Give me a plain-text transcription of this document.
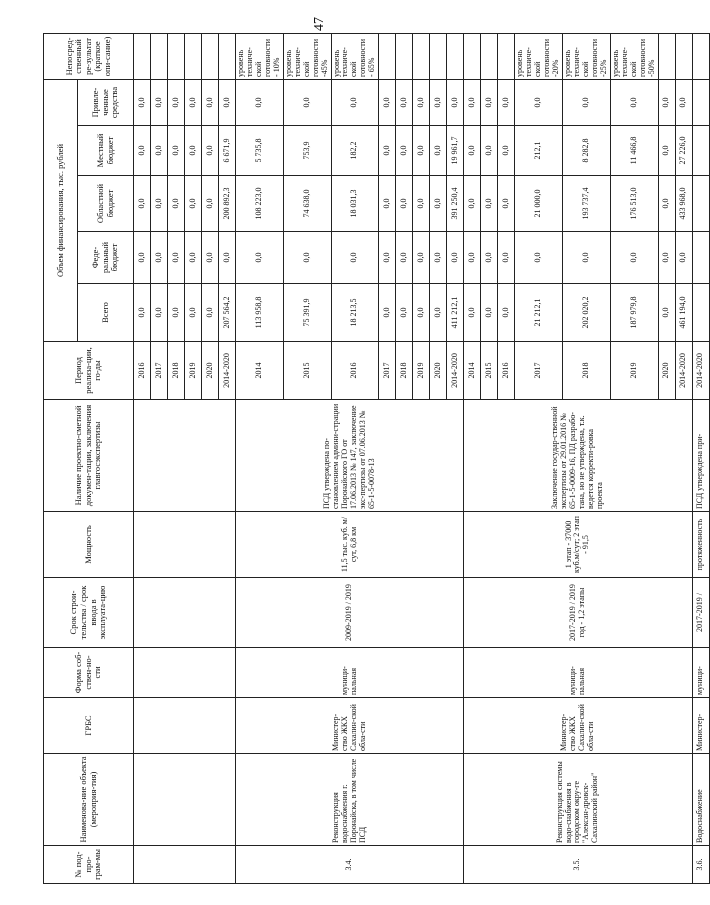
47
№ под-про-грам-мы	Наименова-ние объекта (мероприя-тия)	ГРБС	Форма соб-ствен-но-сти	Срок строи-тельства / срок ввода в эксплуата-цию	Мощность	Наличие проектно-сметной докумен-тации, заключения главгосэкспертизы	Период реализа-ции, го-ды	Объем финансирования, тыс. рублей					Непосред-ственный ре-зультат (краткое опи-сание)
								Всего	Феде-ральный бюджет	Областной бюджет	Местный бюджет	Привле-ченные средства	
							2016	0,0	0,0	0,0	0,0	0,0	
							2017	0,0	0,0	0,0	0,0	0,0	
							2018	0,0	0,0	0,0	0,0	0,0	
							2019	0,0	0,0	0,0	0,0	0,0	
							2020	0,0	0,0	0,0	0,0	0,0	
							2014-2020	207 564,2	0,0	200 892,3	6 671,9	0,0	
3.4.	Реконструкция водоснабжения г. Поронайска, в том числе ПСД	Министер-ство ЖКХ Сахалин-ской обла-сти	муници-пальная	2009-2019 / 2019	11,5 тыс. куб. м/сут, 6,8 км	ПСД утверждена по-становлением админи-страции Поронайского ГО от 17.06.2013 № 147, заключение экс-пертизы от 07.06.2013 № 65-1-5-0078-13	2014	113 958,8	0,0	108 223,0	5 735,8	0,0	уровень техниче-ской готовности - 10%
							2015	75 391,9	0,0	74 638,0	753,9	0,0	уровень техниче-ской готовности -45%
							2016	18 213,5	0,0	18 031,3	182,2	0,0	уровень техниче-ской готовности - 65%
							2017	0,0	0,0	0,0	0,0	0,0	
							2018	0,0	0,0	0,0	0,0	0,0	
							2019	0,0	0,0	0,0	0,0	0,0	
							2020	0,0	0,0	0,0	0,0	0,0	
							2014-2020	411 212,1	0,0	391 250,4	19 961,7	0,0	
3.5.	Реконструкция системы водо-снабжения в городском окру-ге "Алексан-дровск-Сахалинский район"	Министер-ство ЖКХ Сахалин-ской обла-сти	муници-пальная	2017-2019 / 2019 год - 1,2 этапы	1 этап - 37000 куб.м/сут; 2 этап - 91,5	Заключение государ-ственной экспертизы от 29.01.2016 № 65-1-5-0009-16, ПД разрабо-тана, но не утверждена, т.к. ведется корректи-ровка проекта	2014	0,0	0,0	0,0	0,0	0,0	
							2015	0,0	0,0	0,0	0,0	0,0	
							2016	0,0	0,0	0,0	0,0	0,0	
							2017	21 212,1	0,0	21 000,0	212,1	0,0	уровень техниче-ской готовности -20%
							2018	202 020,2	0,0	193 737,4	8 282,8	0,0	уровень техниче-ской готовности -25%
							2019	187 979,8	0,0	176 513,0	11 466,8	0,0	уровень техниче-ской готовности -50%
							2020	0,0	0,0	0,0	0,0	0,0	
							2014-2020	461 194,0	0,0	433 968,0	27 226,0	0,0	
3.6.	Водоснабжение	Министер-	муници-	2017-2019 /	протяженность	ПСД утверждена при-	2014-2020						
